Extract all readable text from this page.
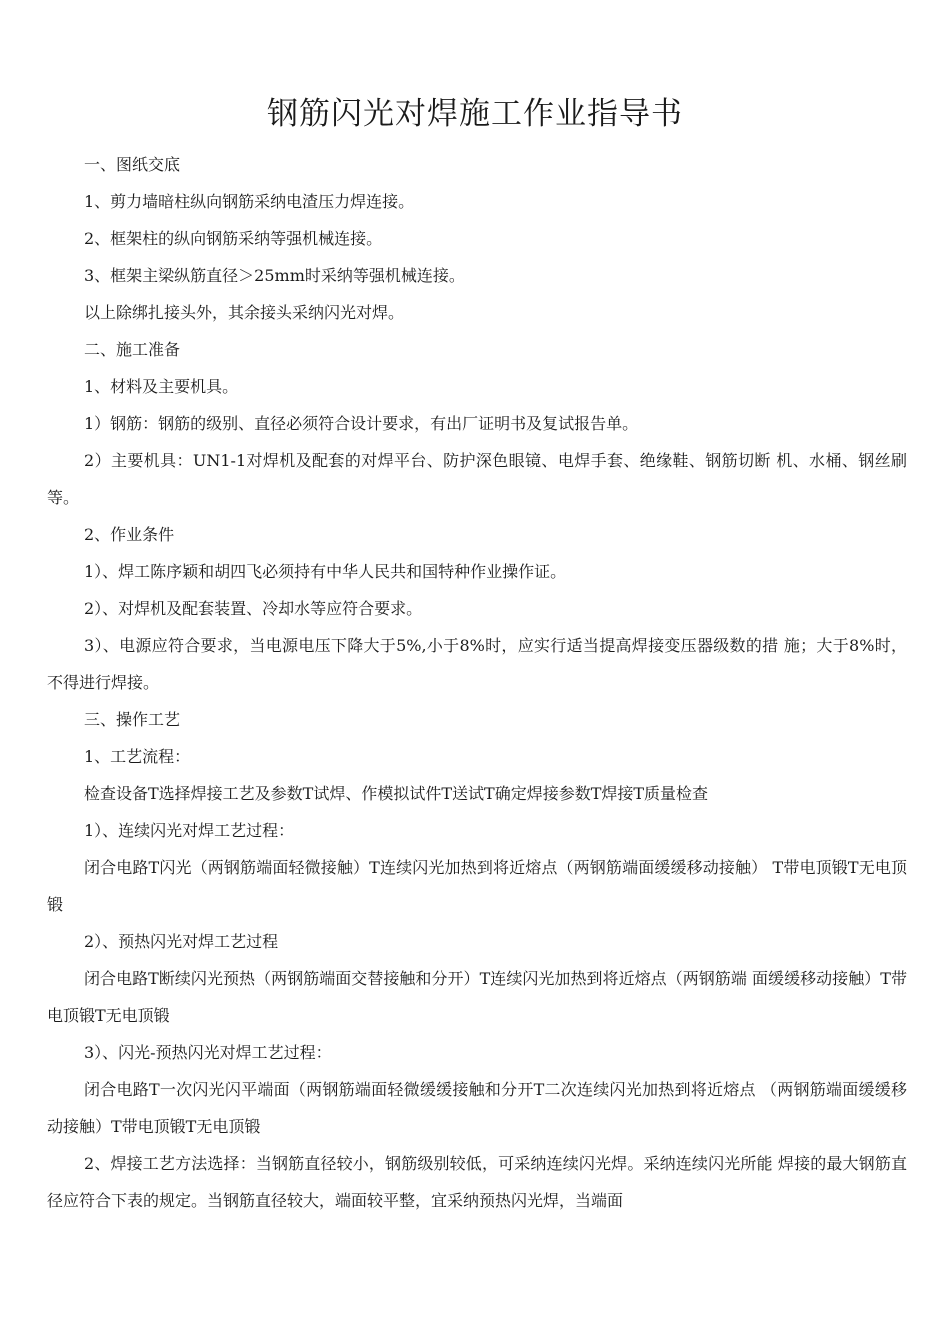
钢筋闪光对焊施工作业指导书

一、图纸交底

1、剪力墙暗柱纵向钢筋采纳电渣压力焊连接。

2、框架柱的纵向钢筋采纳等强机械连接。

3、框架主梁纵筋直径＞25mm时采纳等强机械连接。

以上除绑扎接头外，其余接头采纳闪光对焊。

二、施工准备

1、材料及主要机具。

1）钢筋：钢筋的级别、直径必须符合设计要求，有出厂证明书及复试报告单。

2）主要机具：UN1-1对焊机及配套的对焊平台、防护深色眼镜、电焊手套、绝缘鞋、钢筋切断 机、水桶、钢丝刷等。

2、作业条件

1）、焊工陈序颖和胡四飞必须持有中华人民共和国特种作业操作证。

2）、对焊机及配套装置、冷却水等应符合要求。

3）、电源应符合要求，当电源电压下降大于5%,小于8%时，应实行适当提高焊接变压器级数的措 施；大于8%时，不得进行焊接。

三、操作工艺

1、工艺流程：

检查设备T选择焊接工艺及参数T试焊、作模拟试件T送试T确定焊接参数T焊接T质量检查

1）、连续闪光对焊工艺过程：

闭合电路T闪光（两钢筋端面轻微接触）T连续闪光加热到将近熔点（两钢筋端面缓缓移动接触） T带电顶锻T无电顶锻

2）、预热闪光对焊工艺过程

闭合电路T断续闪光预热（两钢筋端面交替接触和分开）T连续闪光加热到将近熔点（两钢筋端 面缓缓移动接触）T带电顶锻T无电顶锻

3）、闪光-预热闪光对焊工艺过程：

闭合电路T一次闪光闪平端面（两钢筋端面轻微缓缓接触和分开T二次连续闪光加热到将近熔点 （两钢筋端面缓缓移动接触）T带电顶锻T无电顶锻

2、焊接工艺方法选择：当钢筋直径较小，钢筋级别较低，可采纳连续闪光焊。采纳连续闪光所能 焊接的最大钢筋直径应符合下表的规定。当钢筋直径较大，端面较平整，宜采纳预热闪光焊，当端面
